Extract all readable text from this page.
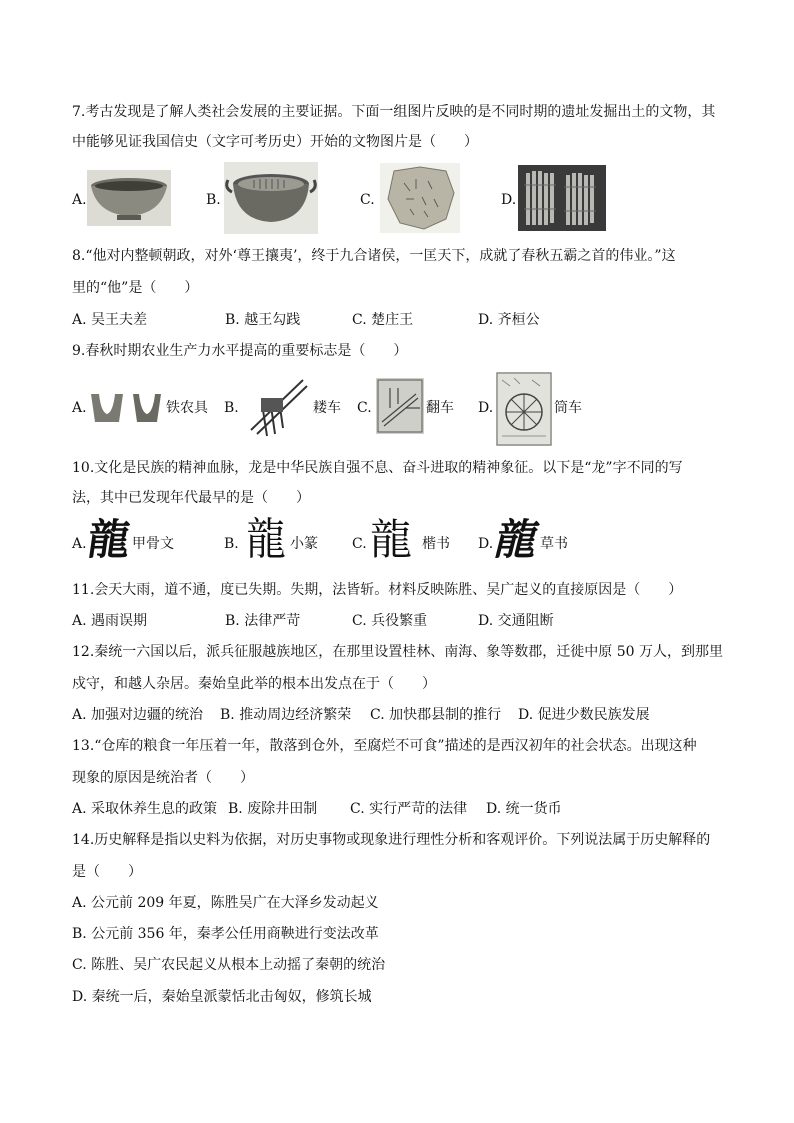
7.考古发现是了解人类社会发展的主要证据。下面一组图片反映的是不同时期的遗址发掘出土的文物，其
中能够见证我国信史（文字可考历史）开始的文物图片是（　　）
A.	B.	C.	D.
8.“他对内整顿朝政，对外‘尊王攘夷’，终于九合诸侯，一匡天下，成就了春秋五霸之首的伟业。”这
里的“他”是（　　）
A. 吴王夫差	B. 越王勾践	C. 楚庄王	D. 齐桓公
9.春秋时期农业生产力水平提高的重要标志是（　　）
A.	铁农具 B.	耧车 C.	翻车 D.	筒车
10.文化是民族的精神血脉，龙是中华民族自强不息、奋斗进取的精神象征。以下是“龙”字不同的写
法，其中已发现年代最早的是（　　）
A.
龍
甲骨文	B. 龍 小篆 C. 龍 楷书 D.
龍
草书
11.会天大雨，道不通，度已失期。失期，法皆斩。材料反映陈胜、吴广起义的直接原因是（　　）
A. 遇雨误期	B. 法律严苛	C. 兵役繁重	D. 交通阻断
12.秦统一六国以后，派兵征服越族地区，在那里设置桂林、南海、象等数郡，迁徙中原 50 万人，到那里
戍守，和越人杂居。秦始皇此举的根本出发点在于（　　）
A. 加强对边疆的统治 B. 推动周边经济繁荣 C. 加快郡县制的推行 D. 促进少数民族发展
13.“仓库的粮食一年压着一年，散落到仓外，至腐烂不可食”描述的是西汉初年的社会状态。出现这种
现象的原因是统治者（　　）
A. 采取休养生息的政策 B. 废除井田制 C. 实行严苛的法律 D. 统一货币
14.历史解释是指以史料为依据，对历史事物或现象进行理性分析和客观评价。下列说法属于历史解释的
是（　　）
A. 公元前 209 年夏，陈胜吴广在大泽乡发动起义
B. 公元前 356 年，秦孝公任用商鞅进行变法改革
C. 陈胜、吴广农民起义从根本上动摇了秦朝的统治
D. 秦统一后，秦始皇派蒙恬北击匈奴，修筑长城
